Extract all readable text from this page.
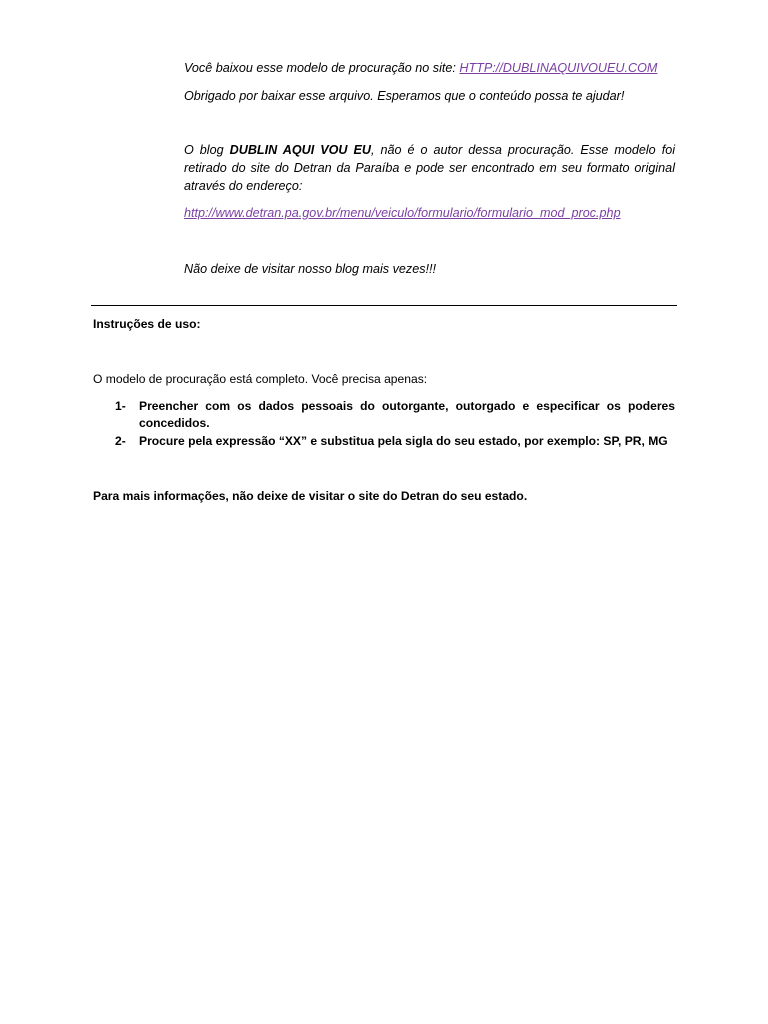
Você baixou esse modelo de procuração no site: HTTP://DUBLINAQUIVOUEU.COM

Obrigado por baixar esse arquivo. Esperamos que o conteúdo possa te ajudar!

O blog DUBLIN AQUI VOU EU, não é o autor dessa procuração. Esse modelo foi retirado do site do Detran da Paraíba e pode ser encontrado em seu formato original através do endereço:

http://www.detran.pa.gov.br/menu/veiculo/formulario/formulario_mod_proc.php

Não deixe de visitar nosso blog mais vezes!!!

Instruções de uso:
O modelo de procuração está completo. Você precisa apenas:
1- Preencher com os dados pessoais do outorgante, outorgado e especificar os poderes concedidos.
2- Procure pela expressão “XX” e substitua pela sigla do seu estado, por exemplo: SP, PR, MG
Para mais informações, não deixe de visitar o site do Detran do seu estado.
